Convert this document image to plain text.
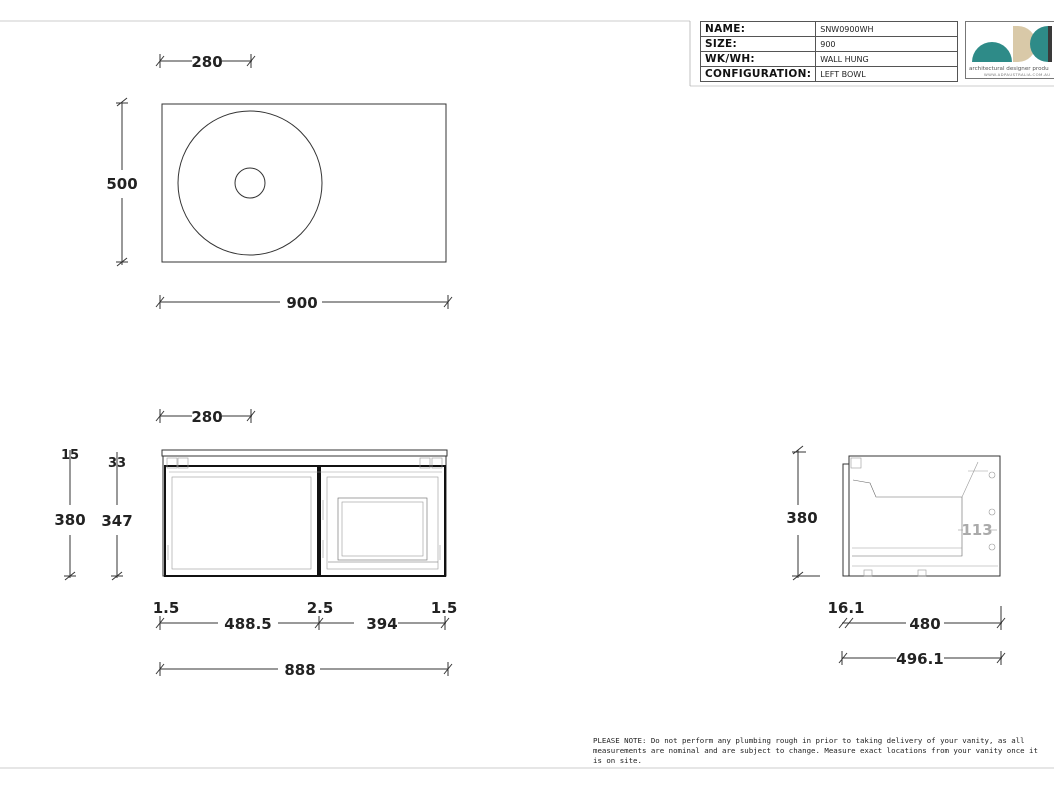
280
500
900
280
15
380
33
347
1.5	2.5	1.5
488.5	394
888
380
113
16.1
480
496.1
NAME:	SNW0900WH
SIZE:	900
WK/WH:	WALL HUNG
CONFIGURATION:	LEFT BOWL
architectural designer produ
WWW.ADPAUSTRALIA.COM.AU
PLEASE NOTE: Do not perform any plumbing rough in prior to taking delivery of your vanity, as all measurements are nominal and are subject to change. Measure exact locations from your vanity once it is on site.
